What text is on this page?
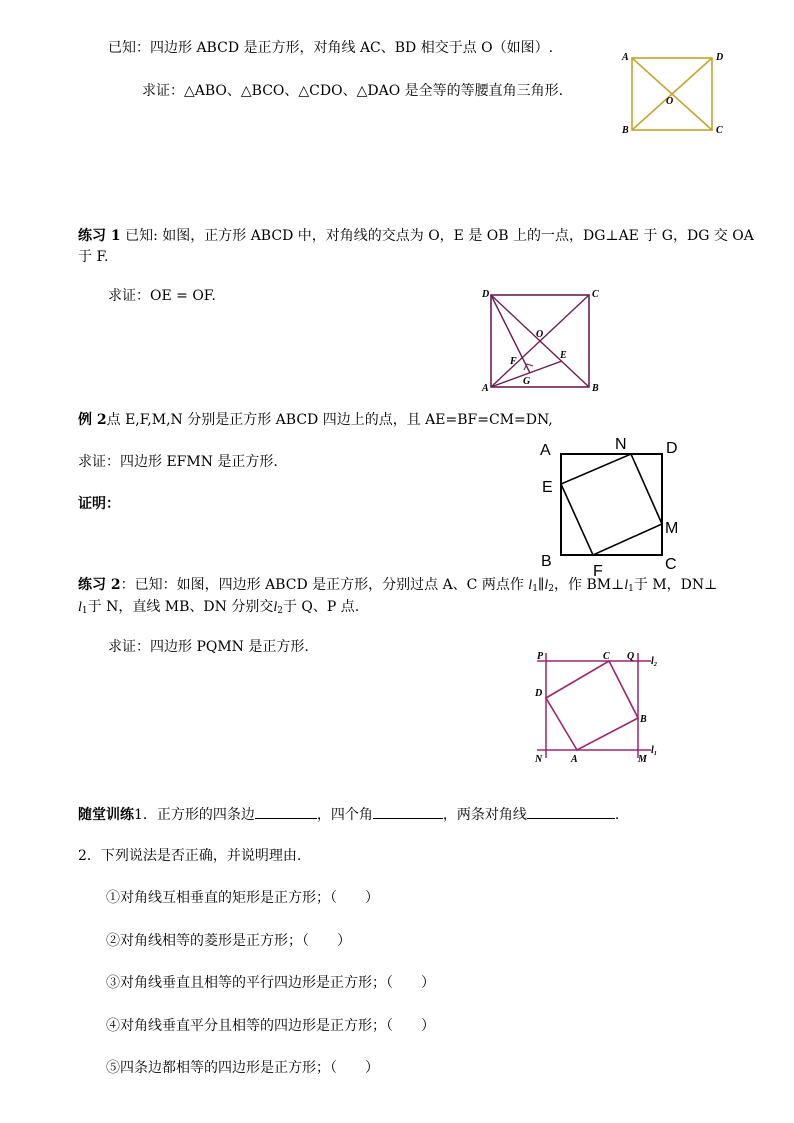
已知：四边形 ABCD 是正方形，对角线 AC、BD 相交于点 O（如图）.
求证：△ABO、△BCO、△CDO、△DAO 是全等的等腰直角三角形.
A	D
O
B	C
练习 1 已知: 如图，正方形 ABCD 中，对角线的交点为 O，E 是 OB 上的一点，DG⊥AE 于 G，DG 交 OA
于 F.
求证：OE = OF.	D	C
O
F
E
A
G
B
例 2点 E,F,M,N 分别是正方形 ABCD 四边上的点，且 AE=BF=CM=DN,
求证：四边形 EFMN 是正方形.
证明：
A	N D
E
M
B
F	C
练习 2：已知：如图，四边形 ABCD 是正方形，分别过点 A、C 两点作 $l_1\parallel l_2$，作 $BM\perp l_1$于 M，DN⊥
$l_1$于 N，直线 MB、DN 分别交$l_2$于 Q、P 点.
求证：四边形 PQMN 是正方形.
P	C Q l₂
D
B
l₁
N	A	M
随堂训练1．正方形的四条边	，四个角	，两条对角线	.
2．下列说法是否正确，并说明理由.
①对角线互相垂直的矩形是正方形；（　　）
②对角线相等的菱形是正方形；（　　）
③对角线垂直且相等的平行四边形是正方形；（　　）
④对角线垂直平分且相等的四边形是正方形；（　　）
⑤四条边都相等的四边形是正方形；（　　）
